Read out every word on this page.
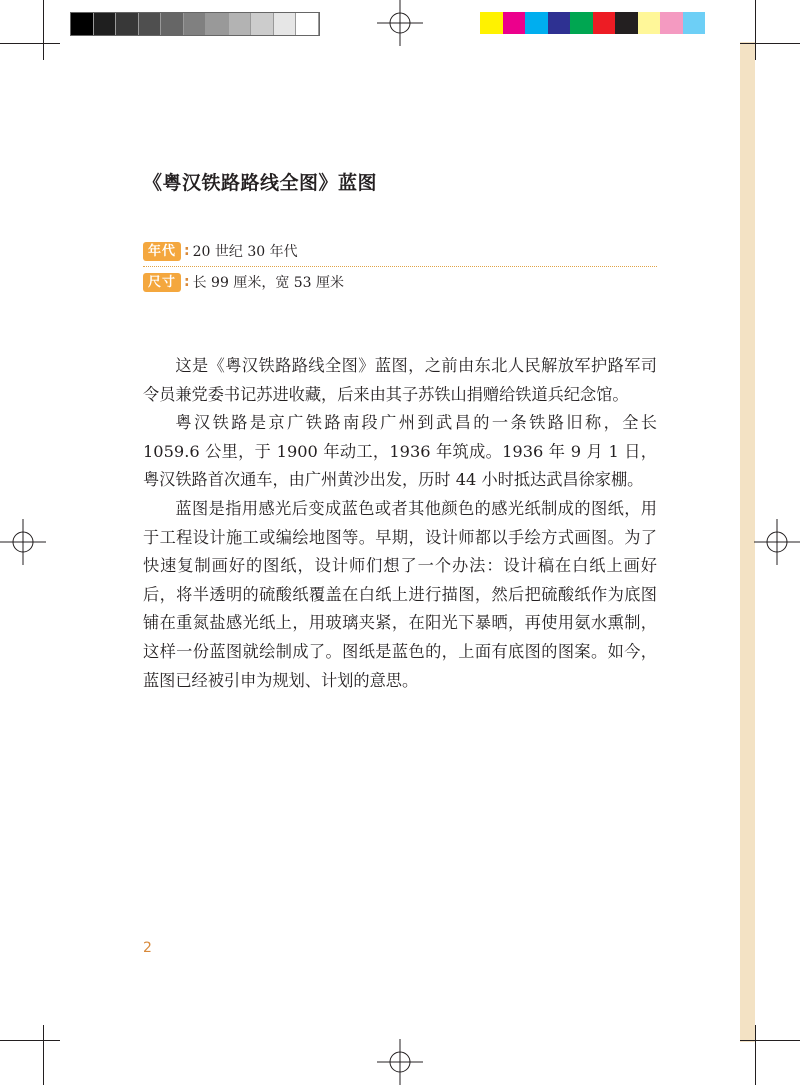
《粤汉铁路路线全图》蓝图
年代 : 20 世纪 30 年代
尺寸 : 长 99 厘米，宽 53 厘米

这是《粤汉铁路路线全图》蓝图，之前由东北人民解放军护路军司令员兼党委书记苏进收藏，后来由其子苏铁山捐赠给铁道兵纪念馆。

粤汉铁路是京广铁路南段广州到武昌的一条铁路旧称，全长 1059.6 公里，于 1900 年动工，1936 年筑成。1936 年 9 月 1 日，粤汉铁路首次通车，由广州黄沙出发，历时 44 小时抵达武昌徐家棚。

蓝图是指用感光后变成蓝色或者其他颜色的感光纸制成的图纸，用于工程设计施工或编绘地图等。早期，设计师都以手绘方式画图。为了快速复制画好的图纸，设计师们想了一个办法：设计稿在白纸上画好后，将半透明的硫酸纸覆盖在白纸上进行描图，然后把硫酸纸作为底图铺在重氮盐感光纸上，用玻璃夹紧，在阳光下暴晒，再使用氨水熏制，这样一份蓝图就绘制成了。图纸是蓝色的，上面有底图的图案。如今，蓝图已经被引申为规划、计划的意思。

2
